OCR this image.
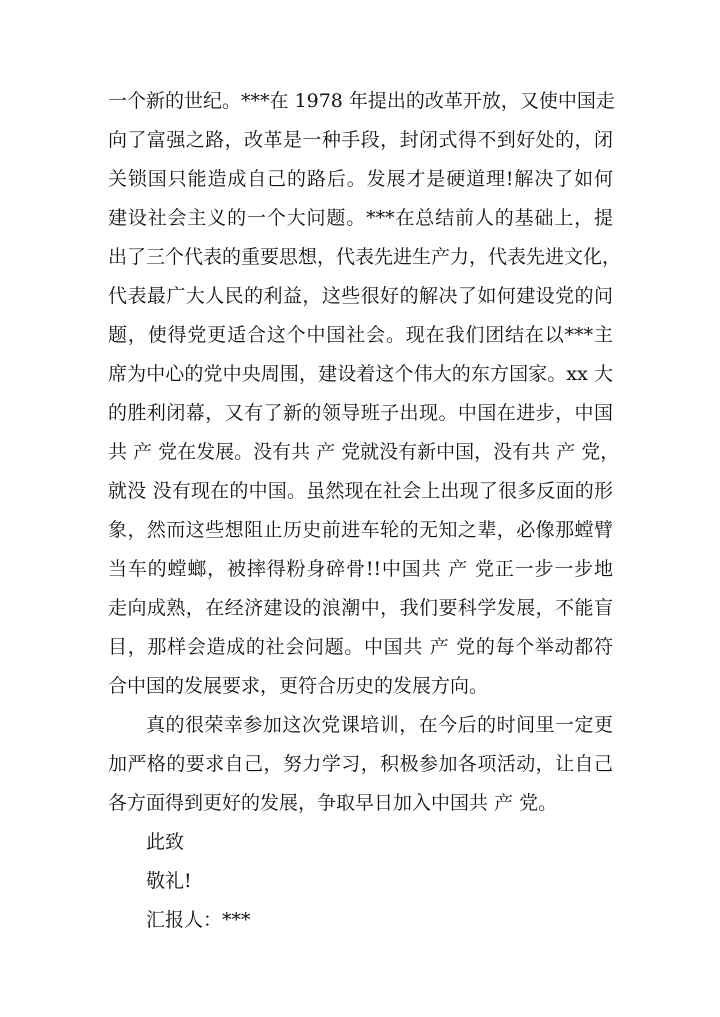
一个新的世纪。***在 1978 年提出的改革开放，又使中国走
向了富强之路，改革是一种手段，封闭式得不到好处的，闭
关锁国只能造成自己的路后。发展才是硬道理!解决了如何
建设社会主义的一个大问题。***在总结前人的基础上，提
出了三个代表的重要思想，代表先进生产力，代表先进文化，
代表最广大人民的利益，这些很好的解决了如何建设党的问
题，使得党更适合这个中国社会。现在我们团结在以***主
席为中心的党中央周围，建设着这个伟大的东方国家。xx 大
的胜利闭幕，又有了新的领导班子出现。中国在进步，中国
共 产 党在发展。没有共 产 党就没有新中国，没有共 产 党，
就没 没有现在的中国。虽然现在社会上出现了很多反面的形
象，然而这些想阻止历史前进车轮的无知之辈，必像那螳臂
当车的螳螂，被摔得粉身碎骨!!中国共 产 党正一步一步地
走向成熟，在经济建设的浪潮中，我们要科学发展，不能盲
目，那样会造成的社会问题。中国共 产 党的每个举动都符
合中国的发展要求，更符合历史的发展方向。
真的很荣幸参加这次党课培训，在今后的时间里一定更
加严格的要求自己，努力学习，积极参加各项活动，让自己
各方面得到更好的发展，争取早日加入中国共 产 党。
此致
敬礼!
汇报人：***
